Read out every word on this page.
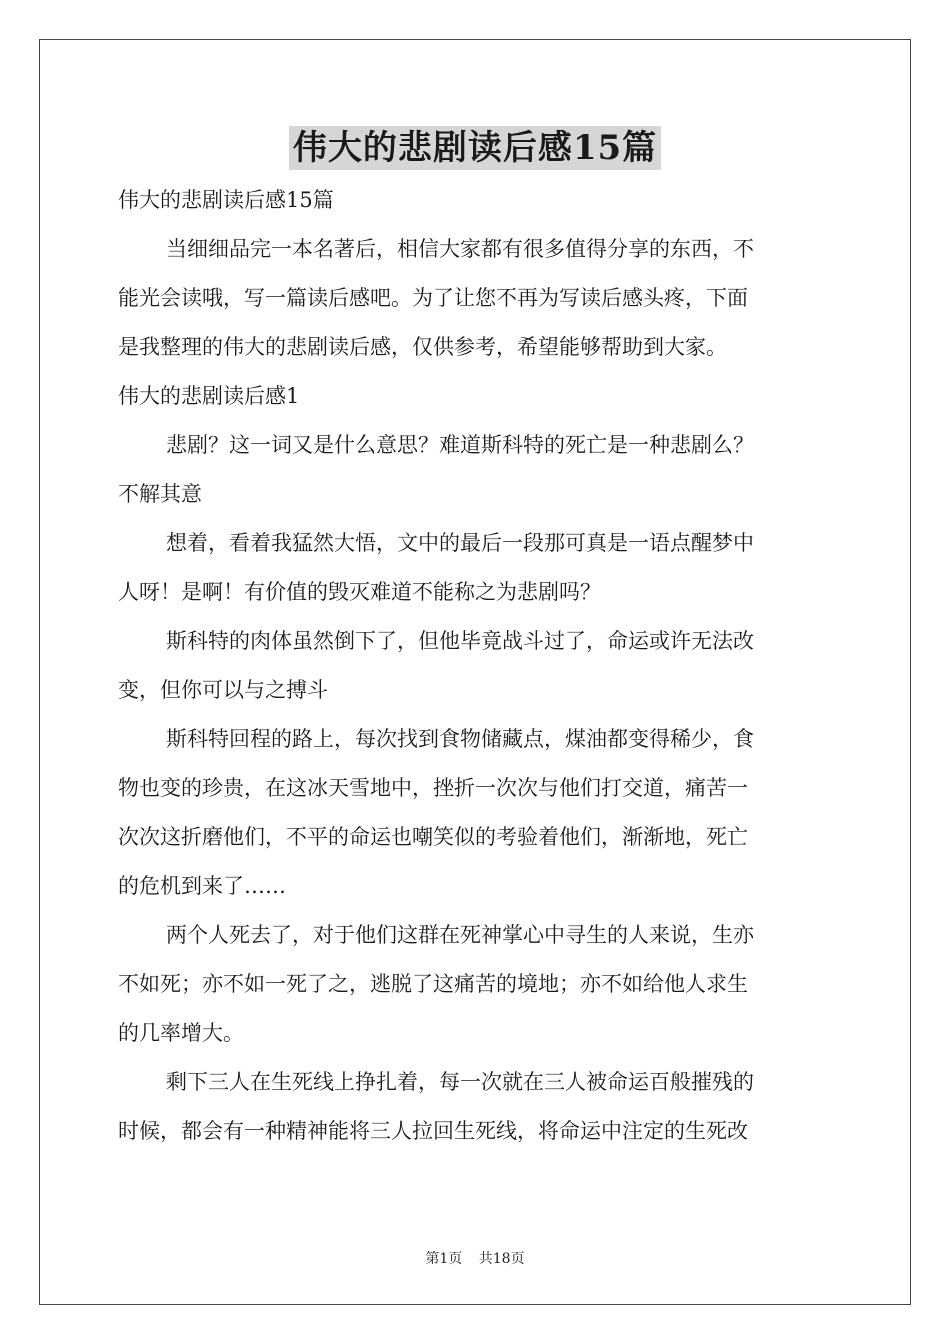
伟大的悲剧读后感15篇

伟大的悲剧读后感15篇

当细细品完一本名著后，相信大家都有很多值得分享的东西，不

能光会读哦，写一篇读后感吧。为了让您不再为写读后感头疼，下面

是我整理的伟大的悲剧读后感，仅供参考，希望能够帮助到大家。

伟大的悲剧读后感1

悲剧？这一词又是什么意思？难道斯科特的死亡是一种悲剧么？

不解其意

想着，看着我猛然大悟，文中的最后一段那可真是一语点醒梦中

人呀！是啊！有价值的毁灭难道不能称之为悲剧吗？

斯科特的肉体虽然倒下了，但他毕竟战斗过了，命运或许无法改

变，但你可以与之搏斗

斯科特回程的路上，每次找到食物储藏点，煤油都变得稀少，食

物也变的珍贵，在这冰天雪地中，挫折一次次与他们打交道，痛苦一

次次这折磨他们，不平的命运也嘲笑似的考验着他们，渐渐地，死亡

的危机到来了……

两个人死去了，对于他们这群在死神掌心中寻生的人来说，生亦

不如死；亦不如一死了之，逃脱了这痛苦的境地；亦不如给他人求生

的几率增大。

剩下三人在生死线上挣扎着，每一次就在三人被命运百般摧残的

时候，都会有一种精神能将三人拉回生死线，将命运中注定的生死改

第1页 共18页
